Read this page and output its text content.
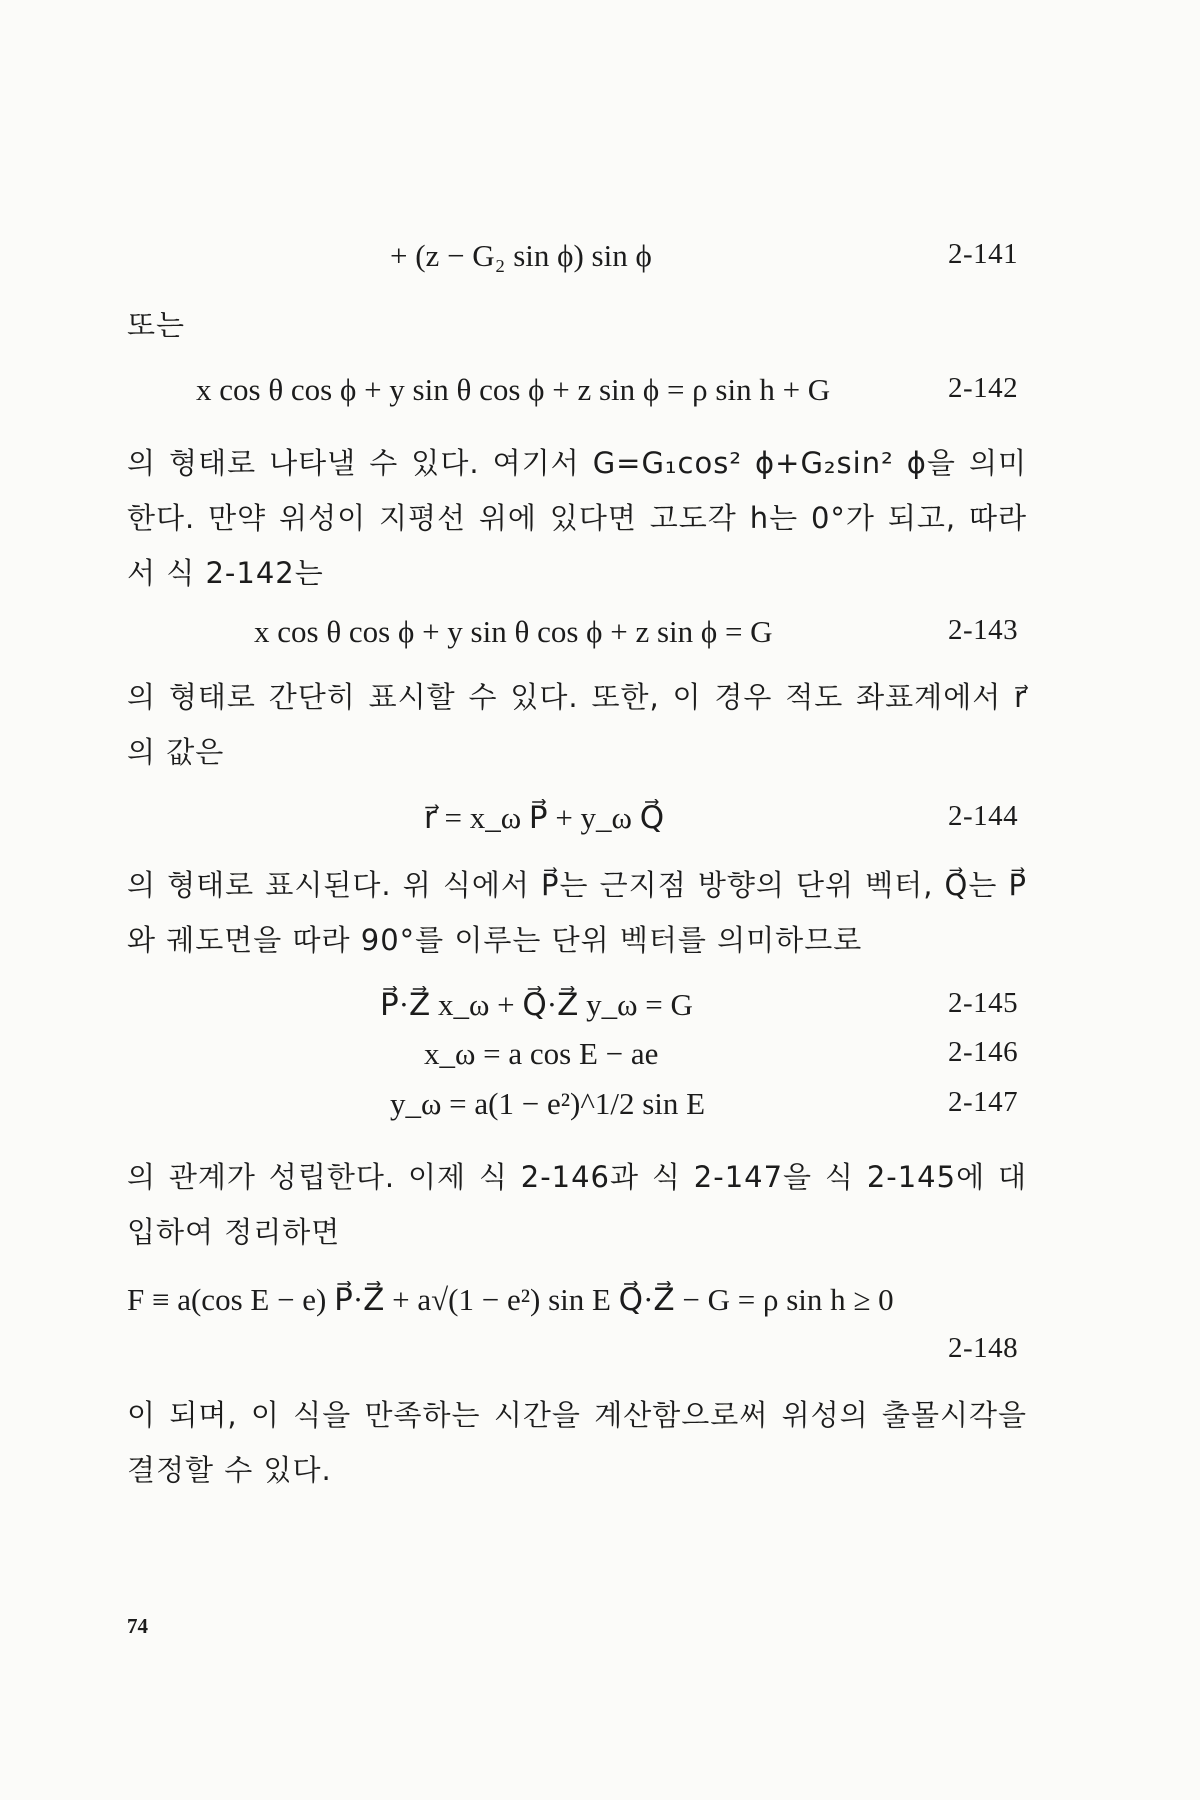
+ (z − G₂ sin ϕ) sin ϕ	2-141
또는
x cos θ cos ϕ + y sin θ cos ϕ + z sin ϕ = ρ sin h + G	2-142
의 형태로 나타낼 수 있다. 여기서 G=G₁cos² ϕ+G₂sin² ϕ을 의미한다. 만약 위성이 지평선 위에 있다면 고도각 h는 0°가 되고, 따라서 식 2-142는
x cos θ cos ϕ + y sin θ cos ϕ + z sin ϕ = G	2-143
의 형태로 간단히 표시할 수 있다. 또한, 이 경우 적도 좌표계에서 r⃗의 값은
r⃗ = x_ω P⃗ + y_ω Q⃗	2-144
의 형태로 표시된다. 위 식에서 P⃗는 근지점 방향의 단위 벡터, Q⃗는 P⃗와 궤도면을 따라 90°를 이루는 단위 벡터를 의미하므로
P⃗·Z⃗ x_ω + Q⃗·Z⃗ y_ω = G	2-145
x_ω = a cos E − ae	2-146
y_ω = a(1 − e²)^1/2 sin E	2-147
의 관계가 성립한다. 이제 식 2-146과 식 2-147을 식 2-145에 대입하여 정리하면
F ≡ a(cos E − e) P⃗·Z⃗ + a√(1 − e²) sin E Q⃗·Z⃗ − G = ρ sin h ≥ 0
2-148
이 되며, 이 식을 만족하는 시간을 계산함으로써 위성의 출몰시각을 결정할 수 있다.
74
